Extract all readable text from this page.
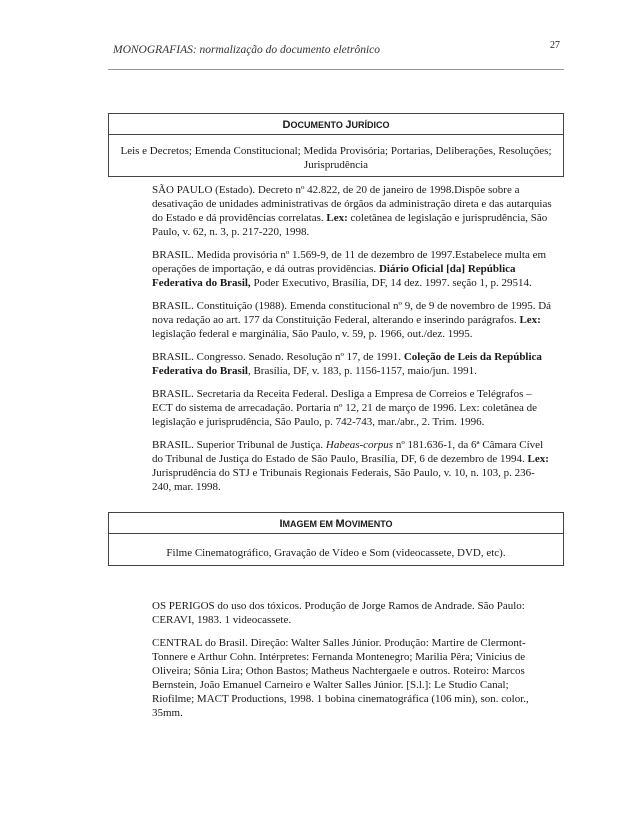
27
MONOGRAFIAS: normalização do documento eletrônico
DOCUMENTO JURÍDICO
Leis e Decretos; Emenda Constitucional; Medida Provisória; Portarias, Deliberações, Resoluções; Jurisprudência

SÃO PAULO (Estado). Decreto nº 42.822, de 20 de janeiro de 1998.Dispõe sobre a desativação de unidades administrativas de órgãos da administração direta e das autarquias do Estado e dá providências correlatas. Lex: coletânea de legislação e jurisprudência, São Paulo, v. 62, n. 3, p. 217-220, 1998.

BRASIL. Medida provisória nº 1.569-9, de 11 de dezembro de 1997.Estabelece multa em operações de importação, e dá outras providências. Diário Oficial [da] República Federativa do Brasil, Poder Executivo, Brasília, DF, 14 dez. 1997. seção 1, p. 29514.

BRASIL. Constituição (1988). Emenda constitucional nº 9, de 9 de novembro de 1995. Dá nova redação ao art. 177 da Constituição Federal, alterando e inserindo parágrafos. Lex: legislação federal e marginália, São Paulo, v. 59, p. 1966, out./dez. 1995.

BRASIL. Congresso. Senado. Resolução nº 17, de 1991. Coleção de Leis da República Federativa do Brasil, Brasília, DF, v. 183, p. 1156-1157, maio/jun. 1991.

BRASIL. Secretaria da Receita Federal. Desliga a Empresa de Correios e Telégrafos – ECT do sistema de arrecadação. Portaria nº 12, 21 de março de 1996. Lex: coletânea de legislação e jurisprudência, São Paulo, p. 742-743, mar./abr., 2. Trim. 1996.

BRASIL. Superior Tribunal de Justiça. Habeas-corpus nº 181.636-1, da 6ª Câmara Cível do Tribunal de Justiça do Estado de São Paulo, Brasília, DF, 6 de dezembro de 1994. Lex: Jurisprudência do STJ e Tribunais Regionais Federais, São Paulo, v. 10, n. 103, p. 236-240, mar. 1998.

IMAGEM EM MOVIMENTO
Filme Cinematográfico, Gravação de Vídeo e Som (videocassete, DVD, etc).

OS PERIGOS do uso dos tóxicos. Produção de Jorge Ramos de Andrade. São Paulo: CERAVI, 1983. 1 videocassete.

CENTRAL do Brasil. Direção: Walter Salles Júnior. Produção: Martire de Clermont-Tonnere e Arthur Cohn. Intérpretes: Fernanda Montenegro; Marilia Pêra; Vinicius de Oliveira; Sônia Lira; Othon Bastos; Matheus Nachtergaele e outros. Roteiro: Marcos Bernstein, João Emanuel Carneiro e Walter Salles Júnior. [S.l.]: Le Studio Canal; Riofilme; MACT Productions, 1998. 1 bobina cinematográfica (106 min), son. color., 35mm.
